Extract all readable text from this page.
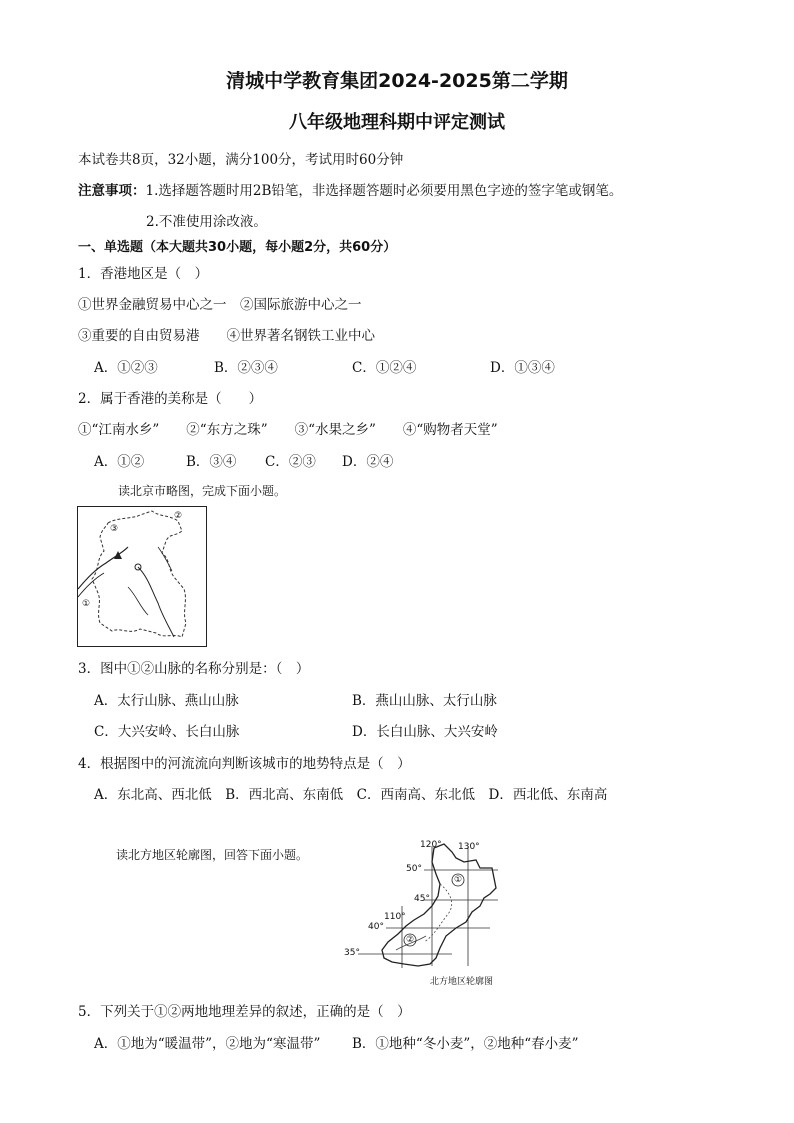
清城中学教育集团2024-2025第二学期
八年级地理科期中评定测试
本试卷共8页，32小题，满分100分，考试用时60分钟
注意事项：1.选择题答题时用2B铅笔，非选择题答题时必须要用黑色字迹的签字笔或钢笔。
2.不准使用涂改液。
一、单选题（本大题共30小题，每小题2分，共60分）
1．香港地区是（　）
①世界金融贸易中心之一　②国际旅游中心之一
③重要的自由贸易港　　④世界著名钢铁工业中心
A．①②③	B．②③④	C．①②④	D．①③④
2．属于香港的美称是（　　）
①“江南水乡”　　②“东方之珠”　　③“水果之乡”　　④“购物者天堂”
A．①②	B．③④ C．②③ D．②④
读北京市略图，完成下面小题。
③
②
①
3．图中①②山脉的名称分别是：（　）
A．太行山脉、燕山山脉	B．燕山山脉、太行山脉
C．大兴安岭、长白山脉	D．长白山脉、大兴安岭
4．根据图中的河流流向判断该城市的地势特点是（　）
A．东北高、西北低　B．西北高、东南低　C．西南高、东北低　D．西北低、东南高
读北方地区轮廓图，回答下面小题。
120° 130°
110°
50°
45°
40°
35°
①
②
北方地区轮廓图
5．下列关于①②两地地理差异的叙述，正确的是（　）
A．①地为“暖温带”，②地为“寒温带” B．①地种“冬小麦”，②地种“春小麦”
